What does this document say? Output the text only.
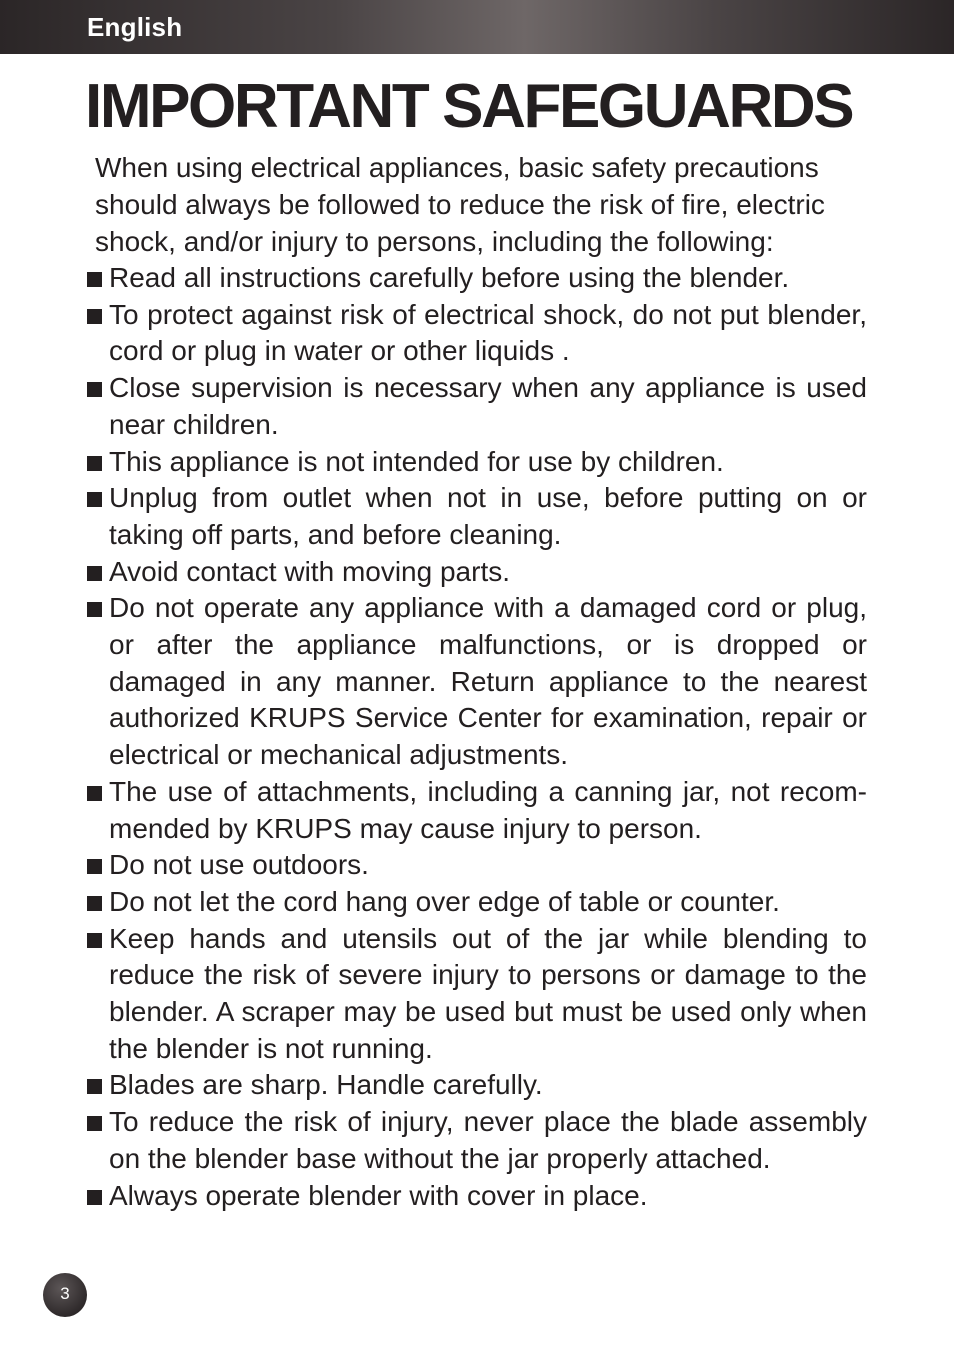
English
IMPORTANT SAFEGUARDS

When using electrical appliances, basic safety precautions
should always be followed to reduce the risk of fire, electric
shock, and/or injury to persons, including the following:

Read all instructions carefully before using the blender.
To protect against risk of electrical shock, do not put blender, cord or plug in water or other liquids .
Close supervision is necessary when any appliance is used near children.
This appliance is not intended for use by children.
Unplug from outlet when not in use, before putting on or taking off parts, and before cleaning.
Avoid contact with moving parts.
Do not operate any appliance with a damaged cord or plug, or after the appliance malfunctions, or is dropped or damaged in any manner. Return appliance to the nearest authorized KRUPS Service Center for examination, repair or electrical or mechanical adjustments.
The use of attachments, including a canning jar, not recom-mended by KRUPS may cause injury to person.
Do not use outdoors.
Do not let the cord hang over edge of table or counter.
Keep hands and utensils out of the jar while blending to reduce the risk of severe injury to persons or damage to the blender. A scraper may be used but must be used only when the blender is not running.
Blades are sharp. Handle carefully.
To reduce the risk of injury, never place the blade assembly on the blender base without the jar properly attached.
Always operate blender with cover in place.
3
